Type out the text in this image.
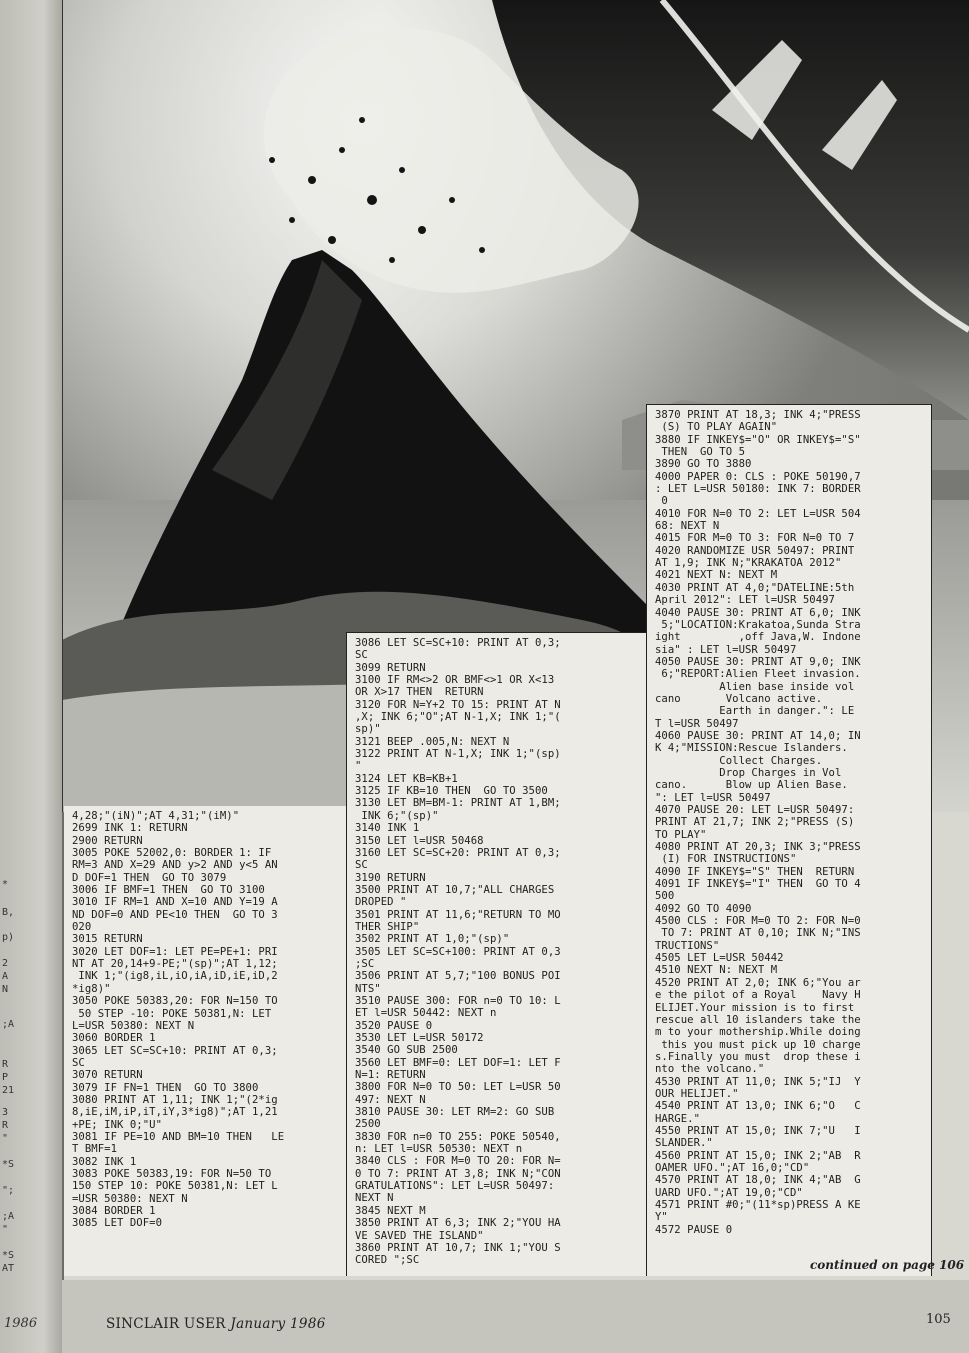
*
B,
p)
2
A
N
;A
R
P
21
3
R
"
*S
";
;A
"
*S
AT
1986
4,28;"(iN)";AT 4,31;"(iM)"
2699 INK 1: RETURN
2900 RETURN
3005 POKE 52002,0: BORDER 1: IF
RM=3 AND X=29 AND y>2 AND y<5 AN
D DOF=1 THEN  GO TO 3079
3006 IF BMF=1 THEN  GO TO 3100
3010 IF RM=1 AND X=10 AND Y=19 A
ND DOF=0 AND PE<10 THEN  GO TO 3
020
3015 RETURN
3020 LET DOF=1: LET PE=PE+1: PRI
NT AT 20,14+9-PE;"(sp)";AT 1,12;
INK 1;"(ig8,iL,iO,iA,iD,iE,iD,2
*ig8)"
3050 POKE 50383,20: FOR N=150 TO
50 STEP -10: POKE 50381,N: LET
L=USR 50380: NEXT N
3060 BORDER 1
3065 LET SC=SC+10: PRINT AT 0,3;
SC
3070 RETURN
3079 IF FN=1 THEN  GO TO 3800
3080 PRINT AT 1,11; INK 1;"(2*ig
8,iE,iM,iP,iT,iY,3*ig8)";AT 1,21
+PE; INK 0;"U"
3081 IF PE=10 AND BM=10 THEN   LE
T BMF=1
3082 INK 1
3083 POKE 50383,19: FOR N=50 TO
150 STEP 10: POKE 50381,N: LET L
=USR 50380: NEXT N
3084 BORDER 1
3085 LET DOF=0
3086 LET SC=SC+10: PRINT AT 0,3;
SC
3099 RETURN
3100 IF RM<>2 OR BMF<>1 OR X<13
OR X>17 THEN  RETURN
3120 FOR N=Y+2 TO 15: PRINT AT N
,X; INK 6;"O";AT N-1,X; INK 1;"(
sp)"
3121 BEEP .005,N: NEXT N
3122 PRINT AT N-1,X; INK 1;"(sp)
"
3124 LET KB=KB+1
3125 IF KB=10 THEN  GO TO 3500
3130 LET BM=BM-1: PRINT AT 1,BM;
INK 6;"(sp)"
3140 INK 1
3150 LET l=USR 50468
3160 LET SC=SC+20: PRINT AT 0,3;
SC
3190 RETURN
3500 PRINT AT 10,7;"ALL CHARGES
DROPED "
3501 PRINT AT 11,6;"RETURN TO MO
THER SHIP"
3502 PRINT AT 1,0;"(sp)"
3505 LET SC=SC+100: PRINT AT 0,3
;SC
3506 PRINT AT 5,7;"100 BONUS POI
NTS"
3510 PAUSE 300: FOR n=0 TO 10: L
ET l=USR 50442: NEXT n
3520 PAUSE 0
3530 LET L=USR 50172
3540 GO SUB 2500
3560 LET BMF=0: LET DOF=1: LET F
N=1: RETURN
3800 FOR N=0 TO 50: LET L=USR 50
497: NEXT N
3810 PAUSE 30: LET RM=2: GO SUB
2500
3830 FOR n=0 TO 255: POKE 50540,
n: LET l=USR 50530: NEXT n
3840 CLS : FOR M=0 TO 20: FOR N=
0 TO 7: PRINT AT 3,8; INK N;"CON
GRATULATIONS": LET L=USR 50497:
NEXT N
3845 NEXT M
3850 PRINT AT 6,3; INK 2;"YOU HA
VE SAVED THE ISLAND"
3860 PRINT AT 10,7; INK 1;"YOU S
CORED ";SC
3870 PRINT AT 18,3; INK 4;"PRESS
(S) TO PLAY AGAIN"
3880 IF INKEY$="O" OR INKEY$="S"
THEN  GO TO 5
3890 GO TO 3880
4000 PAPER 0: CLS : POKE 50190,7
: LET L=USR 50180: INK 7: BORDER
0
4010 FOR N=0 TO 2: LET L=USR 504
68: NEXT N
4015 FOR M=0 TO 3: FOR N=0 TO 7
4020 RANDOMIZE USR 50497: PRINT
AT 1,9; INK N;"KRAKATOA 2012"
4021 NEXT N: NEXT M
4030 PRINT AT 4,0;"DATELINE:5th
April 2012": LET l=USR 50497
4040 PAUSE 30: PRINT AT 6,0; INK
5;"LOCATION:Krakatoa,Sunda Stra
ight         ,off Java,W. Indone
sia" : LET l=USR 50497
4050 PAUSE 30: PRINT AT 9,0; INK
6;"REPORT:Alien Fleet invasion.
Alien base inside vol
cano       Volcano active.
Earth in danger.": LE
T l=USR 50497
4060 PAUSE 30: PRINT AT 14,0; IN
K 4;"MISSION:Rescue Islanders.
Collect Charges.
Drop Charges in Vol
cano.      Blow up Alien Base.
": LET l=USR 50497
4070 PAUSE 20: LET L=USR 50497:
PRINT AT 21,7; INK 2;"PRESS (S)
TO PLAY"
4080 PRINT AT 20,3; INK 3;"PRESS
(I) FOR INSTRUCTIONS"
4090 IF INKEY$="S" THEN  RETURN
4091 IF INKEY$="I" THEN  GO TO 4
500
4092 GO TO 4090
4500 CLS : FOR M=0 TO 2: FOR N=0
TO 7: PRINT AT 0,10; INK N;"INS
TRUCTIONS"
4505 LET L=USR 50442
4510 NEXT N: NEXT M
4520 PRINT AT 2,0; INK 6;"You ar
e the pilot of a Royal    Navy H
ELIJET.Your mission is to first
rescue all 10 islanders take the
m to your mothership.While doing
this you must pick up 10 charge
s.Finally you must  drop these i
nto the volcano."
4530 PRINT AT 11,0; INK 5;"IJ  Y
OUR HELIJET."
4540 PRINT AT 13,0; INK 6;"O   C
HARGE."
4550 PRINT AT 15,0; INK 7;"U   I
SLANDER."
4560 PRINT AT 15,0; INK 2;"AB  R
OAMER UFO.";AT 16,0;"CD"
4570 PRINT AT 18,0; INK 4;"AB  G
UARD UFO.";AT 19,0;"CD"
4571 PRINT #0;"(11*sp)PRESS A KE
Y"
4572 PAUSE 0
continued on page 106
SINCLAIR USER January 1986	105
